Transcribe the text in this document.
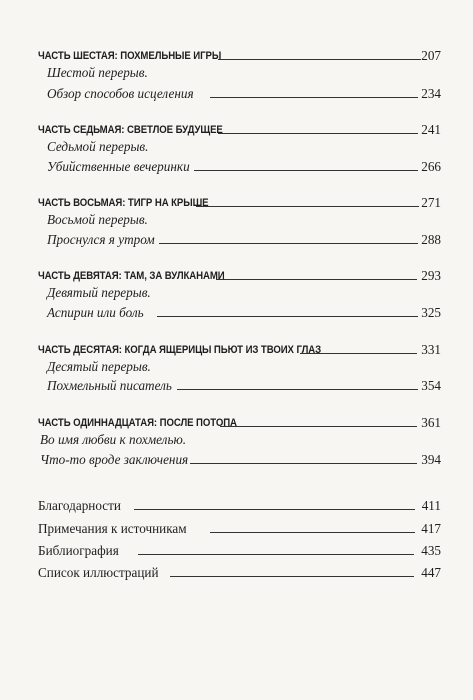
ЧАСТЬ ШЕСТАЯ: ПОХМЕЛЬНЫЕ ИГРЫ	207
Шестой перерыв.
Обзор способов исцеления	234
ЧАСТЬ СЕДЬМАЯ: СВЕТЛОЕ БУДУЩЕЕ	241
Седьмой перерыв.
Убийственные вечеринки	266
ЧАСТЬ ВОСЬМАЯ: ТИГР НА КРЫШЕ	271
Восьмой перерыв.
Проснулся я утром	288
ЧАСТЬ ДЕВЯТАЯ: ТАМ, ЗА ВУЛКАНАМИ	293
Девятый перерыв.
Аспирин или боль	325
ЧАСТЬ ДЕСЯТАЯ: КОГДА ЯЩЕРИЦЫ ПЬЮТ ИЗ ТВОИХ ГЛАЗ	331
Десятый перерыв.
Похмельный писатель	354
ЧАСТЬ ОДИННАДЦАТАЯ: ПОСЛЕ ПОТОПА	361
Во имя любви к похмелью.
Что-то вроде заключения	394
Благодарности	411
Примечания к источникам	417
Библиография	435
Список иллюстраций	447
